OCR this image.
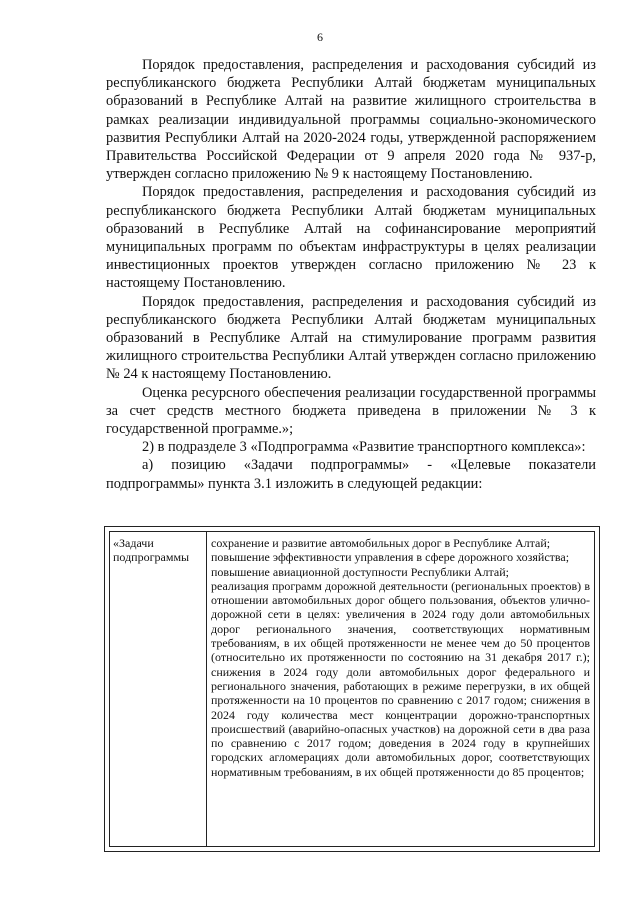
6

Порядок предоставления, распределения и расходования субсидий из республиканского бюджета Республики Алтай бюджетам муниципальных образований в Республике Алтай на развитие жилищного строительства в рамках реализации индивидуальной программы социально-экономического развития Республики Алтай на 2020-2024 годы, утвержденной распоряжением Правительства Российской Федерации от 9 апреля 2020 года № 937-р, утвержден согласно приложению № 9 к настоящему Постановлению.

Порядок предоставления, распределения и расходования субсидий из республиканского бюджета Республики Алтай бюджетам муниципальных образований в Республике Алтай на софинансирование мероприятий муниципальных программ по объектам инфраструктуры в целях реализации инвестиционных проектов утвержден согласно приложению № 23 к настоящему Постановлению.

Порядок предоставления, распределения и расходования субсидий из республиканского бюджета Республики Алтай бюджетам муниципальных образований в Республике Алтай на стимулирование программ развития жилищного строительства Республики Алтай утвержден согласно приложению № 24 к настоящему Постановлению.

Оценка ресурсного обеспечения реализации государственной программы за счет средств местного бюджета приведена в приложении № 3 к государственной программе.»;

2) в подразделе 3 «Подпрограмма «Развитие транспортного комплекса»:

а) позицию «Задачи подпрограммы» - «Целевые показатели подпрограммы» пункта 3.1 изложить в следующей редакции:

«Задачи подпрограммы

сохранение и развитие автомобильных дорог в Республике Алтай;

повышение эффективности управления в сфере дорожного хозяйства;

повышение авиационной доступности Республики Алтай;

реализация программ дорожной деятельности (региональных проектов) в отношении автомобильных дорог общего пользования, объектов улично-дорожной сети в целях: увеличения в 2024 году доли автомобильных дорог регионального значения, соответствующих нормативным требованиям, в их общей протяженности не менее чем до 50 процентов (относительно их протяженности по состоянию на 31 декабря 2017 г.); снижения в 2024 году доли автомобильных дорог федерального и регионального значения, работающих в режиме перегрузки, в их общей протяженности на 10 процентов по сравнению с 2017 годом; снижения в 2024 году количества мест концентрации дорожно-транспортных происшествий (аварийно-опасных участков) на дорожной сети в два раза по сравнению с 2017 годом; доведения в 2024 году в крупнейших городских агломерациях доли автомобильных дорог, соответствующих нормативным требованиям, в их общей протяженности до 85 процентов;
